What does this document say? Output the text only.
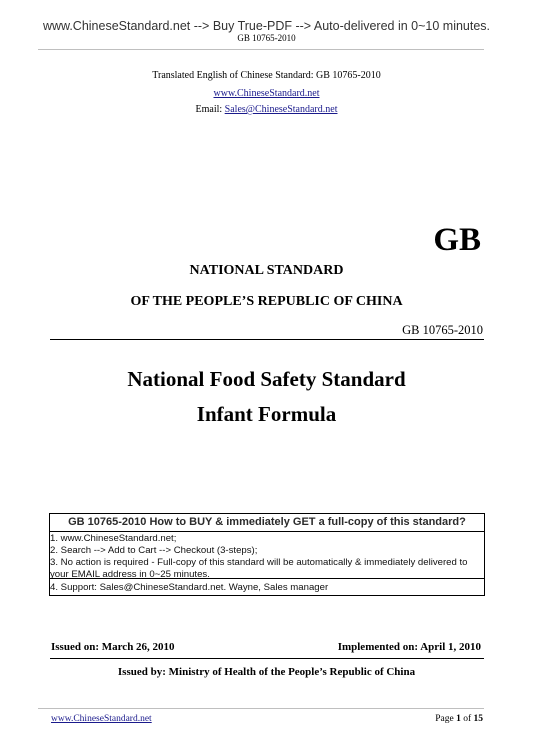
www.ChineseStandard.net --> Buy True-PDF --> Auto-delivered in 0~10 minutes.
GB 10765-2010
Translated English of Chinese Standard: GB 10765-2010
www.ChineseStandard.net
Email: Sales@ChineseStandard.net
GB
NATIONAL STANDARD
OF THE PEOPLE’S REPUBLIC OF CHINA
GB 10765-2010
National Food Safety Standard
Infant Formula
GB 10765-2010 How to BUY & immediately GET a full-copy of this standard?
1. www.ChineseStandard.net;
2. Search --> Add to Cart --> Checkout (3-steps);
3. No action is required - Full-copy of this standard will be automatically & immediately delivered to
your EMAIL address in 0~25 minutes.
4. Support: Sales@ChineseStandard.net. Wayne, Sales manager
Issued on: March 26, 2010	Implemented on: April 1, 2010
Issued by: Ministry of Health of the People’s Republic of China
www.ChineseStandard.net	Page 1 of 15
